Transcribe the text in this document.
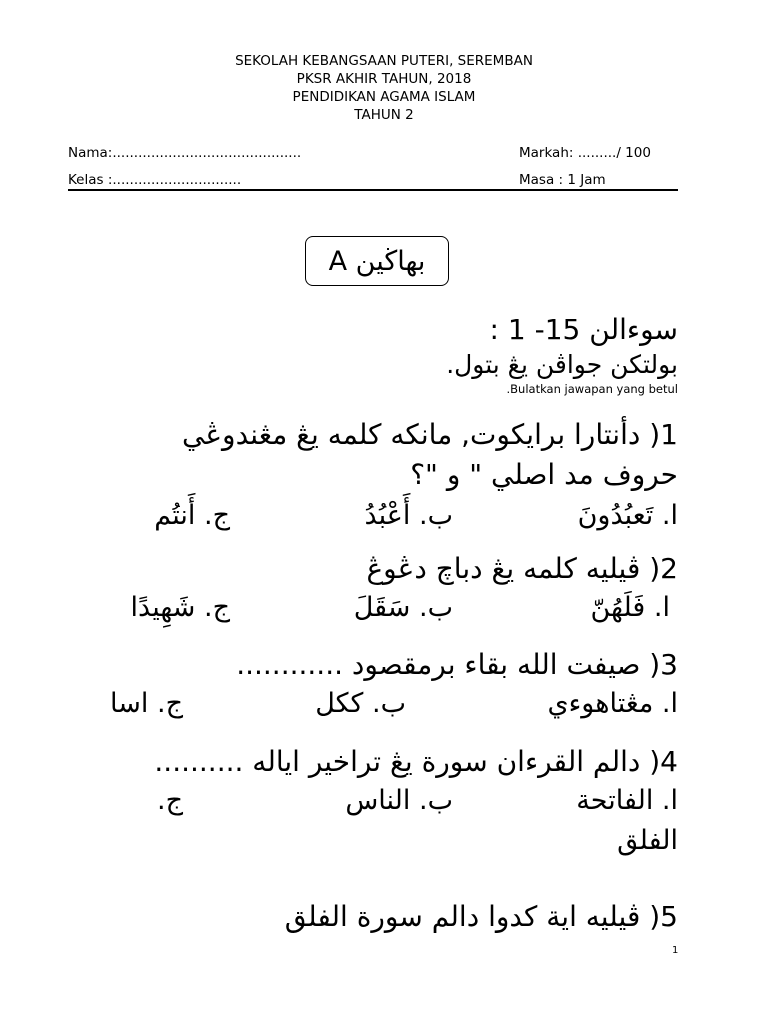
SEKOLAH KEBANGSAAN PUTERI, SEREMBAN
PKSR AKHIR TAHUN, 2018
PENDIDIKAN AGAMA ISLAM
TAHUN 2
Nama:............................................	Markah: ........./ 100
Kelas :..............................	Masa : 1 Jam
بهاڬين A
سوءالن 15- 1 :
بولتكن جواڤن يڠ بتول.
.Bulatkan jawapan yang betul
1( دأنتارا برايكوت, مانكه كلمه يڠ مڠندوڠي
حروف مد اصلي " و "؟
ا. تَعبُدُونَ
ب. أَعْبُدُ
ج. أَنتُم
2( ڤيليه كلمه يڠ دباچ دڠوڠ
ا. فَلَهُنّ
ب. سَقَلَ
ج. شَهِيدًا
3( صيفت الله بقاء برمقصود ............
ا. مڠتاهوءي
ب. ككل
ج. اسا
4( دالم القرءان سورة يڠ تراخير اياله ..........
ا. الفاتحة
ب. الناس
ج.
الفلق
5( ڤيليه اية كدوا دالم سورة الفلق
1
